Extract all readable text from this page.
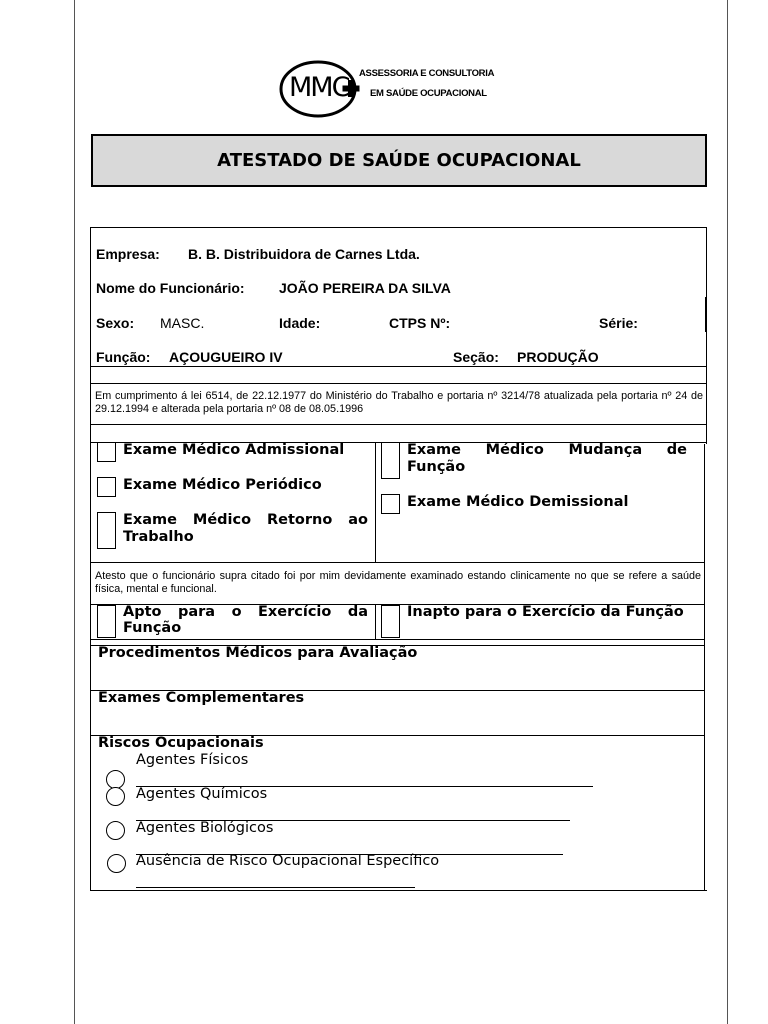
MMC ASSESSORIA E CONSULTORIA
EM SAÚDE OCUPACIONAL
ATESTADO DE SAÚDE OCUPACIONAL
Empresa: B. B. Distribuidora de Carnes Ltda.
Nome do Funcionário: JOÃO PEREIRA DA SILVA
Sexo: MASC.	Idade:	CTPS Nº:	Série:
Função: AÇOUGUEIRO IV	Seção: PRODUÇÃO
Em cumprimento á lei 6514, de 22.12.1977 do Ministério do Trabalho e portaria nº 3214/78 atualizada pela portaria nº 24 de 29.12.1994 e alterada pela portaria nº 08 de 08.05.1996
Exame Médico Admissional
Exame Médico Periódico
Exame Médico Retorno ao Trabalho
Exame Médico Mudança de Função
Exame Médico Demissional
Atesto que o funcionário supra citado foi por mim devidamente examinado estando clinicamente no que se refere a saúde física, mental e funcional.
Apto para o Exercício da Função
Inapto para o Exercício da Função
Procedimentos Médicos para Avaliação
Exames Complementares
Riscos Ocupacionais
Agentes Físicos
Agentes Químicos
Agentes Biológicos
Ausência de Risco Ocupacional Específico
